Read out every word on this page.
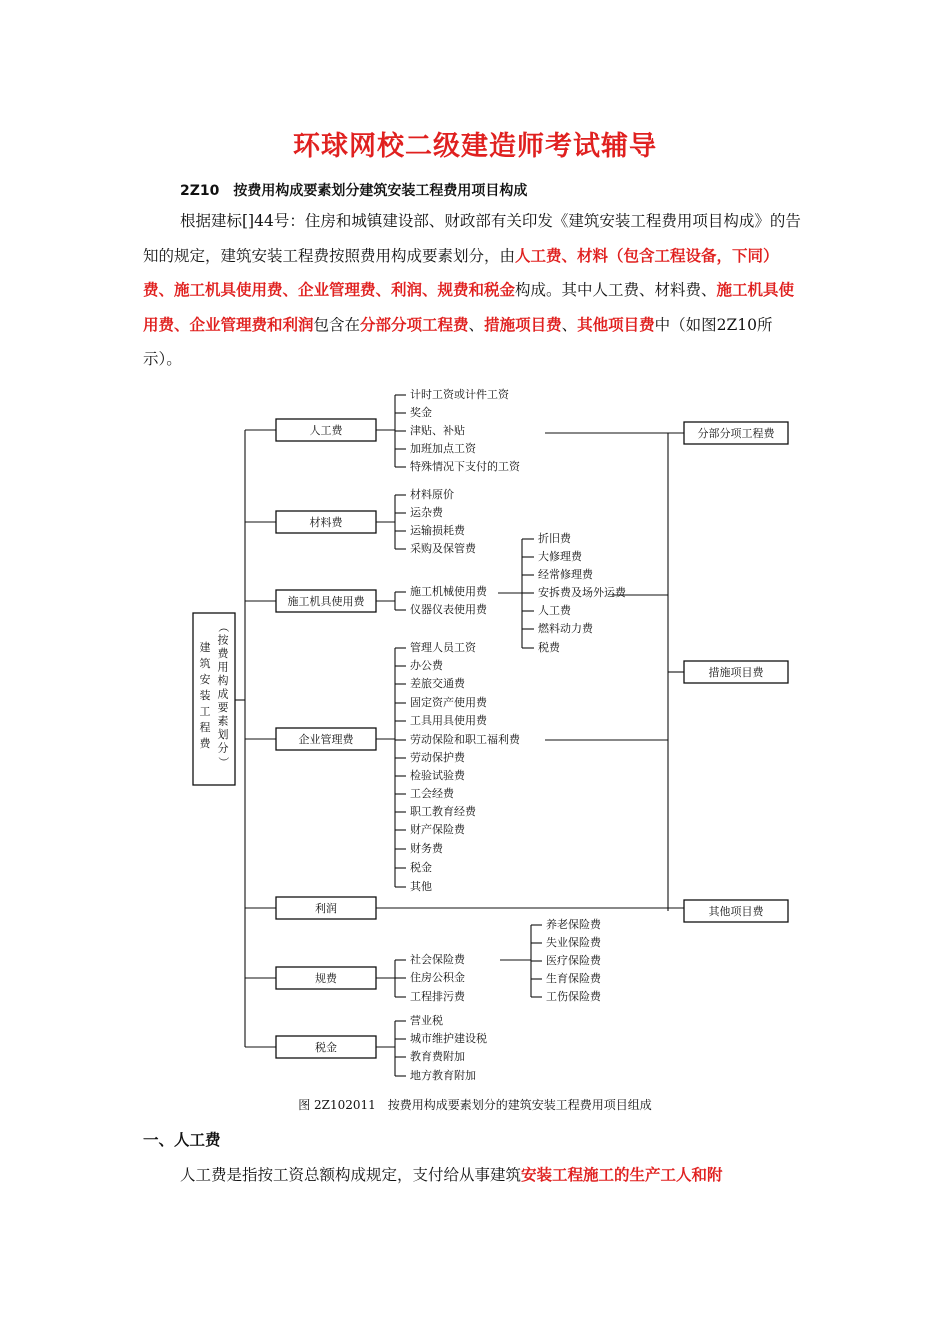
环球网校二级建造师考试辅导
2Z10　按费用构成要素划分建筑安装工程费用项目构成
根据建标[]44号：住房和城镇建设部、财政部有关印发《建筑安装工程费用项目构成》的告知的规定，建筑安装工程费按照费用构成要素划分，由人工费、材料（包含工程设备，下同）费、施工机具使用费、企业管理费、利润、规费和税金构成。其中人工费、材料费、施工机具使用费、企业管理费和利润包含在分部分项工程费、措施项目费、其他项目费中（如图2Z10所示）。
建
筑
安
装
工
程
费
（
按
费
用
构
成
要
素
划
分
）
人工费
材料费
施工机具使用费
企业管理费
利润
规费
税金
计时工资或计件工资
奖金
津贴、补贴
加班加点工资
特殊情况下支付的工资
材料原价
运杂费
运输损耗费
采购及保管费
施工机械使用费
仪器仪表使用费
折旧费
大修理费
经常修理费
安拆费及场外运费
人工费
燃料动力费
税费
管理人员工资
办公费
差旅交通费
固定资产使用费
工具用具使用费
劳动保险和职工福利费
劳动保护费
检验试验费
工会经费
职工教育经费
财产保险费
财务费
税金
其他
社会保险费
住房公积金
工程排污费
养老保险费
失业保险费
医疗保险费
生育保险费
工伤保险费
营业税
城市维护建设税
教育费附加
地方教育附加
分部分项工程费
措施项目费
其他项目费
图 2Z102011　按费用构成要素划分的建筑安装工程费用项目组成
一、人工费
人工费是指按工资总额构成规定，支付给从事建筑安装工程施工的生产工人和附
